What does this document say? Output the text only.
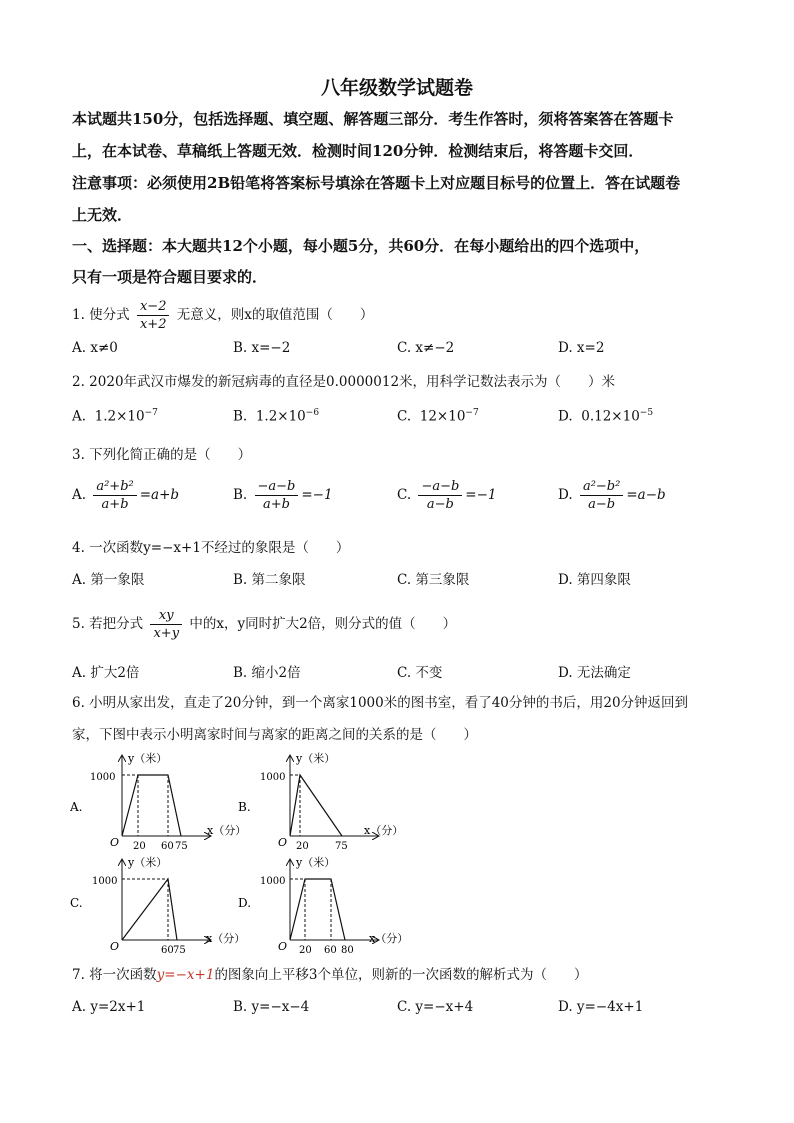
八年级数学试题卷
本试题共150分，包括选择题、填空题、解答题三部分．考生作答时，须将答案答在答题卡
上，在本试卷、草稿纸上答题无效．检测时间120分钟．检测结束后，将答题卡交回．
注意事项：必须使用2B铅笔将答案标号填涂在答题卡上对应题目标号的位置上．答在试题卷
上无效．
一、选择题：本大题共12个小题，每小题5分，共60分．在每小题给出的四个选项中，
只有一项是符合题目要求的．
1. 使分式 $\frac{x-2}{x+2}$ 无意义，则x的取值范围（　　）
A. x≠0	B. x=−2	C. x≠−2	D. x=2
2. 2020年武汉市爆发的新冠病毒的直径是0.0000012米，用科学记数法表示为（　　）米
A. $1.2\times 10^{-7}$	B. $1.2\times 10^{-6}$	C. $12\times 10^{-7}$	D. $0.12\times 10^{-5}$
3. 下列化简正确的是（　　）
A. $\frac{\text{a²+b²}}{a+b} =a+b$	B. $\frac{-a-b}{a+b} =-1$	C. $\frac{-a-b}{a-b} =-1$	D. $\frac{\text{a²−b²}}{a-b} =a-b$
4. 一次函数y=−x+1不经过的象限是（　　）
A. 第一象限	B. 第二象限	C. 第三象限	D. 第四象限
5. 若把分式 $\frac{xy}{x+y}$ 中的x，y同时扩大2倍，则分式的值（　　）
A. 扩大2倍	B. 缩小2倍	C. 不变	D. 无法确定
6. 小明从家出发，直走了20分钟，到一个离家1000米的图书室，看了40分钟的书后，用20分钟返回到
家，下图中表示小明离家时间与离家的距离之间的关系的是（　　）
A.
y（米）
x（分）
1000
O 20 60 75
B.
y（米）
x（分）
1000
O 20	75
C.
y（米）
x（分）
1000
O	60 75
D.
y（米）
x（分）
1000
O 20 60 80
7. 将一次函数y=−x+1的图象向上平移3个单位，则新的一次函数的解析式为（　　）
A. y=2x+1	B. y=−x−4	C. y=−x+4	D. y=−4x+1
